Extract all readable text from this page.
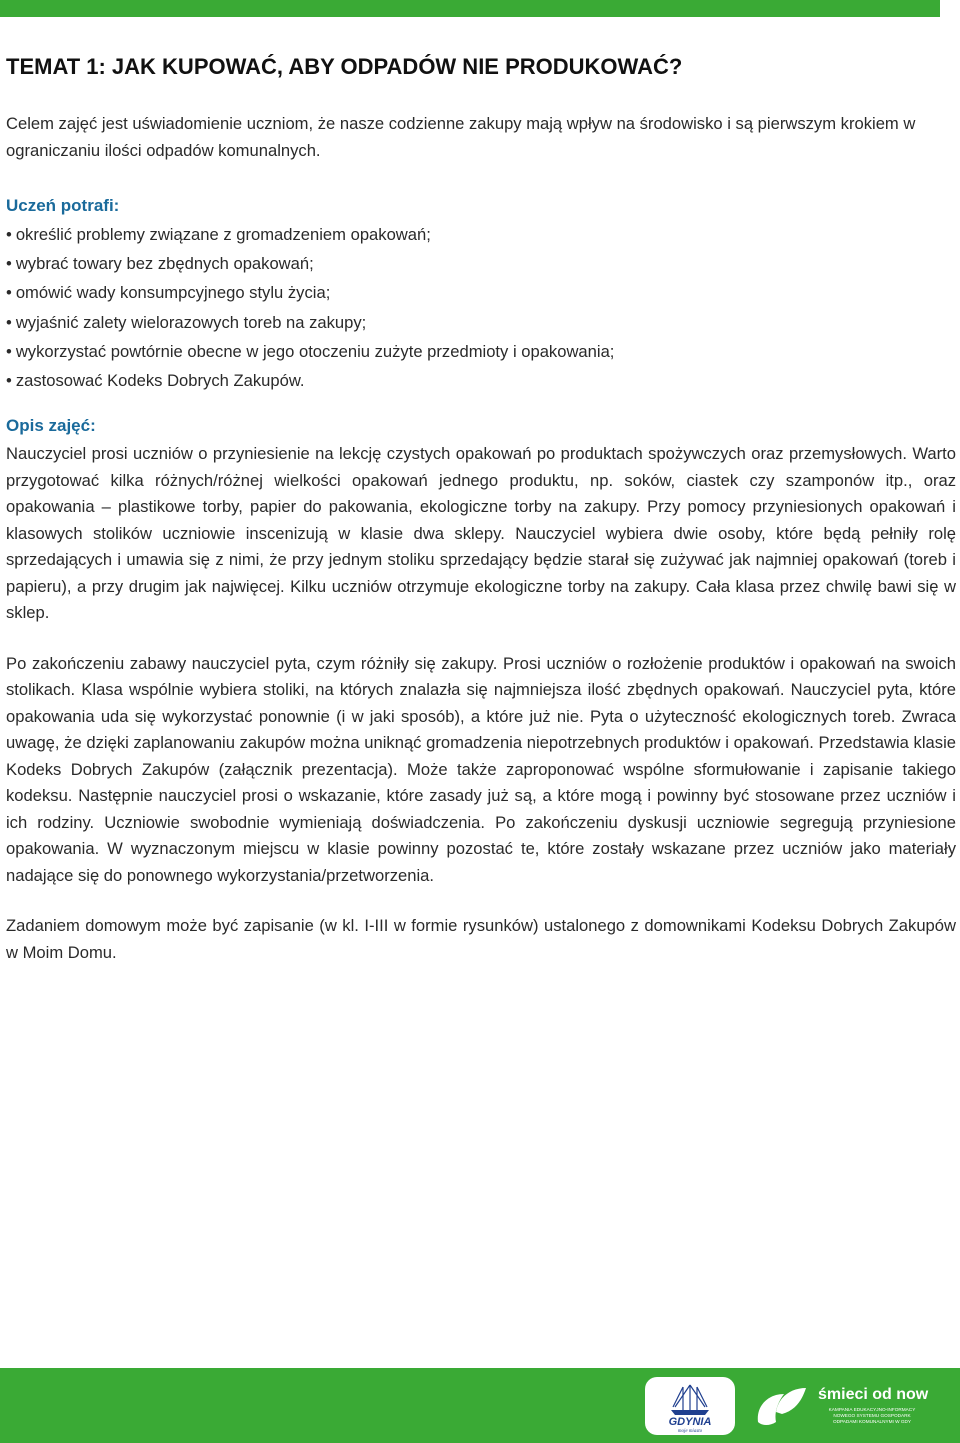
TEMAT 1: JAK KUPOWAĆ, ABY ODPADÓW NIE PRODUKOWAĆ?

Celem zajęć jest uświadomienie uczniom, że nasze codzienne zakupy mają wpływ na środowisko i są pierwszym krokiem w ograniczaniu ilości odpadów komunalnych.

Uczeń potrafi:
• określić problemy związane z gromadzeniem opakowań;
• wybrać towary bez zbędnych opakowań;
• omówić wady konsumpcyjnego stylu życia;
• wyjaśnić zalety wielorazowych toreb na zakupy;
• wykorzystać powtórnie obecne w jego otoczeniu zużyte przedmioty i opakowania;
• zastosować Kodeks Dobrych Zakupów.
Opis zajęć:

Nauczyciel prosi uczniów o przyniesienie na lekcję czystych opakowań po produktach spożywczych oraz przemysłowych. Warto przygotować kilka różnych/różnej wielkości opakowań jednego produktu, np. soków, ciastek czy szamponów itp., oraz opakowania – plastikowe torby, papier do pakowania, ekologiczne torby na zakupy. Przy pomocy przyniesionych opakowań i klasowych stolików uczniowie inscenizują w klasie dwa sklepy. Nauczyciel wybiera dwie osoby, które będą pełniły rolę sprzedających i umawia się z nimi, że przy jednym stoliku sprzedający będzie starał się zużywać jak najmniej opakowań (toreb i papieru), a przy drugim jak najwięcej. Kilku uczniów otrzymuje ekologiczne torby na zakupy. Cała klasa przez chwilę bawi się w sklep.

Po zakończeniu zabawy nauczyciel pyta, czym różniły się zakupy. Prosi uczniów o rozłożenie produktów i opakowań na swoich stolikach. Klasa wspólnie wybiera stoliki, na których znalazła się najmniejsza ilość zbędnych opakowań. Nauczyciel pyta, które opakowania uda się wykorzystać ponownie (i w jaki sposób), a które już nie. Pyta o użyteczność ekologicznych toreb. Zwraca uwagę, że dzięki zaplanowaniu zakupów można uniknąć gromadzenia niepotrzebnych produktów i opakowań. Przedstawia klasie Kodeks Dobrych Zakupów (załącznik prezentacja). Może także zaproponować wspólne sformułowanie i zapisanie takiego kodeksu. Następnie nauczyciel prosi o wskazanie, które zasady już są, a które mogą i powinny być stosowane przez uczniów i ich rodziny. Uczniowie swobodnie wymieniają doświadczenia. Po zakończeniu dyskusji uczniowie segregują przyniesione opakowania. W wyznaczonym miejscu w klasie powinny pozostać te, które zostały wskazane przez uczniów jako materiały nadające się do ponownego wykorzystania/przetworzenia.

Zadaniem domowym może być zapisanie (w kl. I-III w formie rysunków) ustalonego z domownikami Kodeksu Dobrych Zakupów w Moim Domu.

GDYNIA
moje miasto
śmieci od now
KAMPANIA EDUKACYJNO-INFORMACY
NOWEGO SYSTEMU GOSPODARK
ODPADAMI KOMUNALNYMI W GDY
